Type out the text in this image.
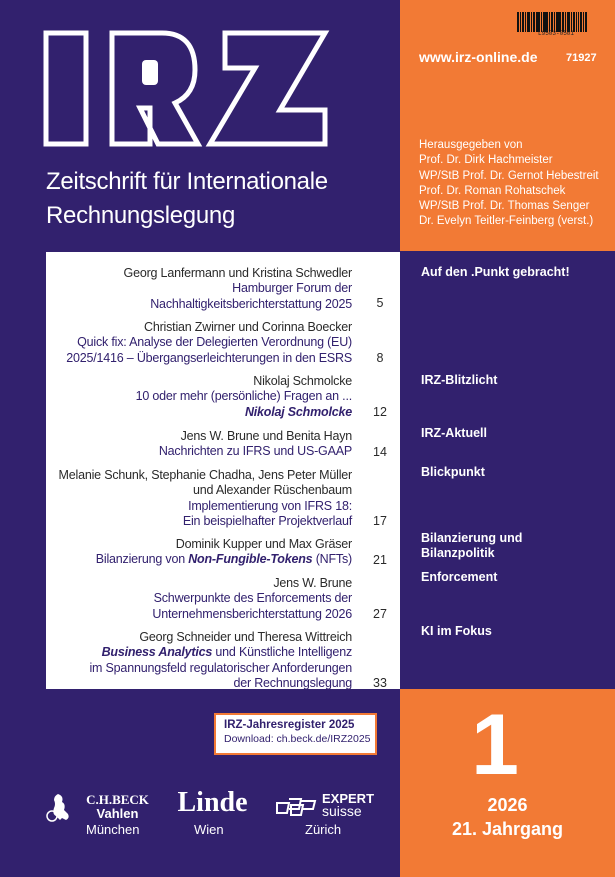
L9503-0501
www.irz-online.de	71927
Herausgegeben von
Prof. Dr. Dirk Hachmeister
WP/StB Prof. Dr. Gernot Hebestreit
Prof. Dr. Roman Rohatschek
WP/StB Prof. Dr. Thomas Senger
Dr. Evelyn Teitler-Feinberg (verst.)
Zeitschrift für Internationale
Rechnungslegung
Georg Lanfermann und Kristina Schwedler
Hamburger Forum der
Nachhaltigkeitsberichterstattung 2025	5
Christian Zwirner und Corinna Boecker
Quick fix: Analyse der Delegierten Verordnung (EU)
2025/1416 – Übergangserleichterungen in den ESRS	8
Nikolaj Schmolcke
10 oder mehr (persönliche) Fragen an ...
Nikolaj Schmolcke	12
Jens W. Brune und Benita Hayn
Nachrichten zu IFRS und US-GAAP	14
Melanie Schunk, Stephanie Chadha, Jens Peter Müller
und Alexander Rüschenbaum
Implementierung von IFRS 18:
Ein beispielhafter Projektverlauf	17
Dominik Kupper und Max Gräser
Bilanzierung von Non-Fungible-Tokens (NFTs)	21
Jens W. Brune
Schwerpunkte des Enforcements der
Unternehmensberichterstattung 2026	27
Georg Schneider und Theresa Wittreich
Business Analytics und Künstliche Intelligenz
im Spannungsfeld regulatorischer Anforderungen
der Rechnungslegung	33
Auf den .Punkt gebracht!
IRZ-Blitzlicht
IRZ-Aktuell
Blickpunkt
Bilanzierung und
Bilanzpolitik
Enforcement
KI im Fokus
IRZ-Jahresregister 2025
Download: ch.beck.de/IRZ2025
C.H.BECK
Vahlen
München
Linde
Wien
EXPERT
suisse
Zürich
1
2026
21. Jahrgang
